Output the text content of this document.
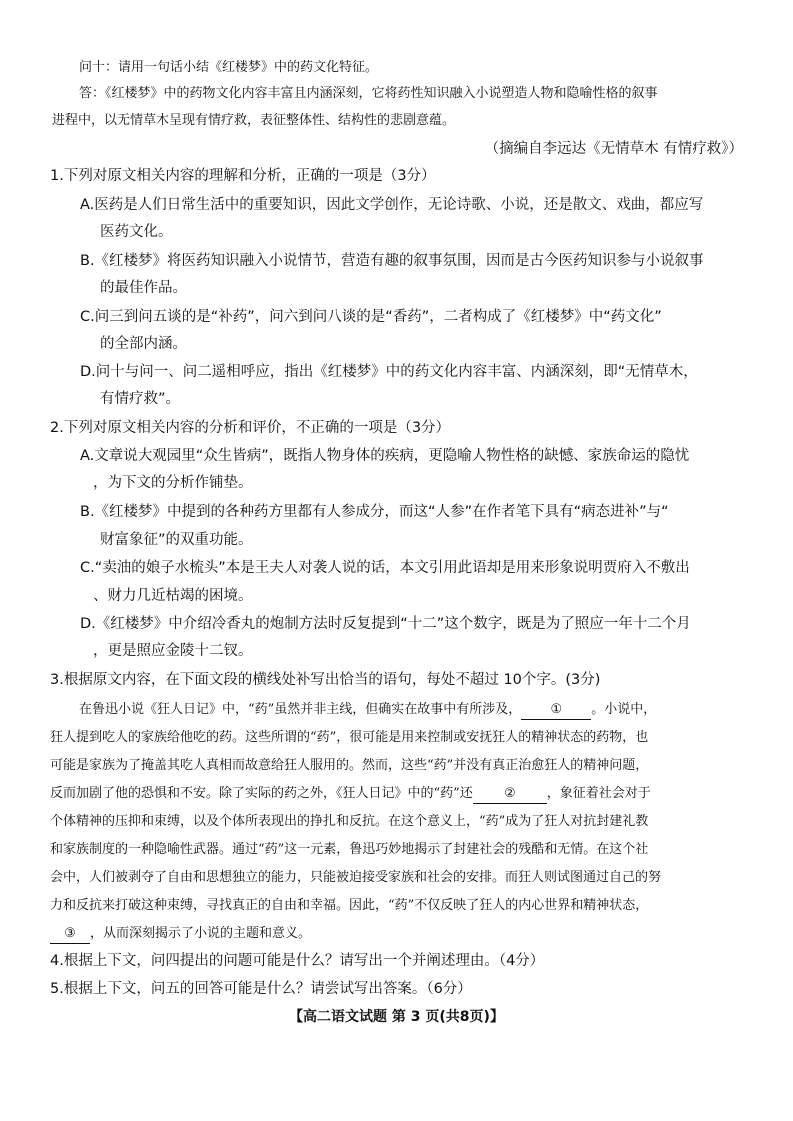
问十：请用一句话小结《红楼梦》中的药文化特征。
答：《红楼梦》中的药物文化内容丰富且内涵深刻，它将药性知识融入小说塑造人物和隐喻性格的叙事
进程中，以无情草木呈现有情疗救，表征整体性、结构性的悲剧意蕴。
（摘编自李远达《无情草木 有情疗救》）
1.下列对原文相关内容的理解和分析，正确的一项是（3分）
A.医药是人们日常生活中的重要知识，因此文学创作，无论诗歌、小说，还是散文、戏曲，都应写
医药文化。
B.《红楼梦》将医药知识融入小说情节，营造有趣的叙事氛围，因而是古今医药知识参与小说叙事
的最佳作品。
C.问三到问五谈的是“补药”，问六到问八谈的是“香药”，二者构成了《红楼梦》中“药文化”
的全部内涵。
D.问十与问一、问二遥相呼应，指出《红楼梦》中的药文化内容丰富、内涵深刻，即“无情草木，
有情疗救”。
2.下列对原文相关内容的分析和评价，不正确的一项是（3分）
A.文章说大观园里“众生皆病”，既指人物身体的疾病，更隐喻人物性格的缺憾、家族命运的隐忧
，为下文的分析作铺垫。
B.《红楼梦》中提到的各种药方里都有人参成分，而这“人参”在作者笔下具有“病态进补”与“
财富象征”的双重功能。
C.“卖油的娘子水梳头”本是王夫人对袭人说的话，本文引用此语却是用来形象说明贾府入不敷出
、财力几近枯竭的困境。
D.《红楼梦》中介绍冷香丸的炮制方法时反复提到“十二”这个数字，既是为了照应一年十二个月
，更是照应金陵十二钗。
3.根据原文内容，在下面文段的横线处补写出恰当的语句，每处不超过 10个字。(3分)
在鲁迅小说《狂人日记》中，“药”虽然并非主线，但确实在故事中有所涉及， ① 。小说中，
狂人提到吃人的家族给他吃的药。这些所谓的“药”，很可能是用来控制或安抚狂人的精神状态的药物，也
可能是家族为了掩盖其吃人真相而故意给狂人服用的。然而，这些“药”并没有真正治愈狂人的精神问题，
反而加剧了他的恐惧和不安。除了实际的药之外，《狂人日记》中的“药”还 ② ，象征着社会对于
个体精神的压抑和束缚，以及个体所表现出的挣扎和反抗。在这个意义上，“药”成为了狂人对抗封建礼教
和家族制度的一种隐喻性武器。通过“药”这一元素，鲁迅巧妙地揭示了封建社会的残酷和无情。在这个社
会中，人们被剥夺了自由和思想独立的能力，只能被迫接受家族和社会的安排。而狂人则试图通过自己的努
力和反抗来打破这种束缚，寻找真正的自由和幸福。因此，“药”不仅反映了狂人的内心世界和精神状态，
③ ，从而深刻揭示了小说的主题和意义。
4.根据上下文，问四提出的问题可能是什么？请写出一个并阐述理由。（4分）
5.根据上下文，问五的回答可能是什么？请尝试写出答案。（6分）
【高二语文试题 第 3 页(共8页)】
